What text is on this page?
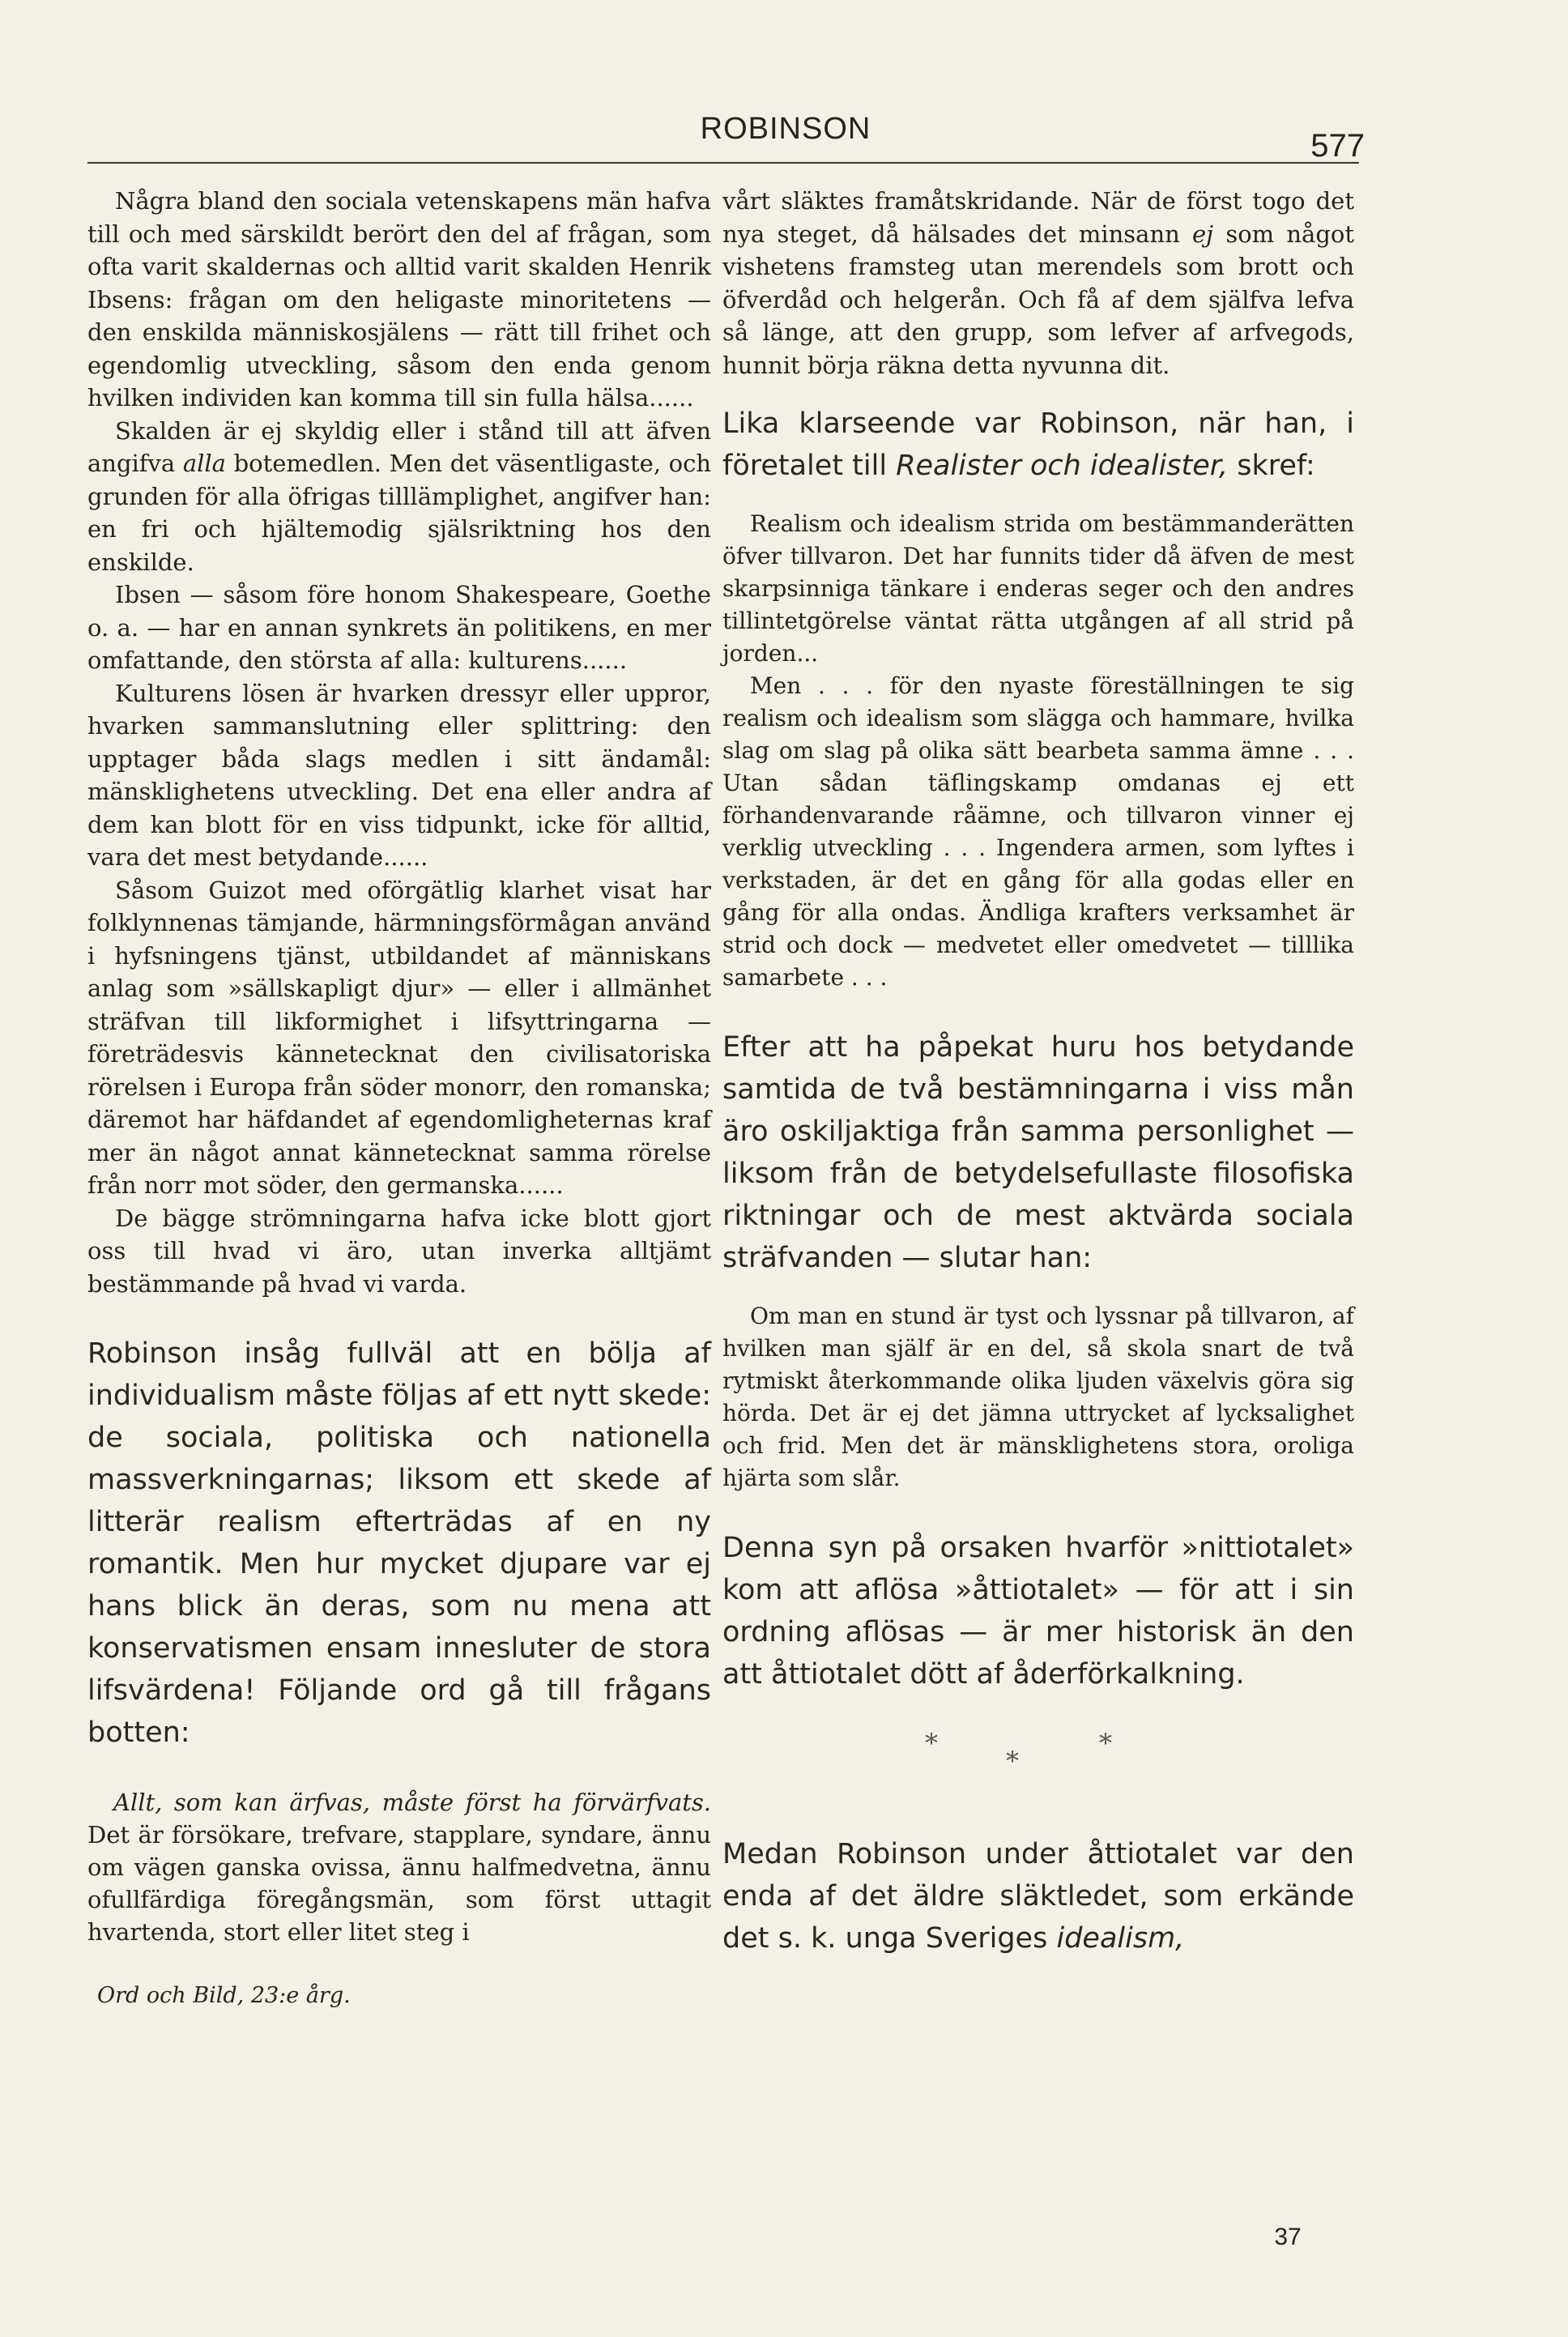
ROBINSON	577

Några bland den sociala vetenskapens män hafva till och med särskildt berört den del af frågan, som ofta varit skaldernas och alltid varit skalden Henrik Ibsens: frågan om den heligaste minoritetens — den enskilda människosjälens — rätt till frihet och egendomlig utveckling, såsom den enda genom hvilken individen kan komma till sin fulla hälsa......

Skalden är ej skyldig eller i stånd till att äfven angifva alla botemedlen. Men det väsentligaste, och grunden för alla öfrigas tilllämplighet, angifver han: en fri och hjältemodig själsriktning hos den enskilde.

Ibsen — såsom före honom Shakespeare, Goethe o. a. — har en annan synkrets än politikens, en mer omfattande, den största af alla: kulturens......

Kulturens lösen är hvarken dressyr eller uppror, hvarken sammanslutning eller splittring: den upptager båda slags medlen i sitt ändamål: mänsklighetens utveckling. Det ena eller andra af dem kan blott för en viss tidpunkt, icke för alltid, vara det mest betydande......

Såsom Guizot med oförgätlig klarhet visat har folklynnenas tämjande, härmningsförmågan använd i hyfsningens tjänst, utbildandet af människans anlag som »sällskapligt djur» — eller i allmänhet sträfvan till likformighet i lifsyttringarna — företrädesvis kännetecknat den civilisatoriska rörelsen i Europa från söder monorr, den romanska; däremot har häfdandet af egendomligheternas kraf mer än något annat kännetecknat samma rörelse från norr mot söder, den germanska......

De bägge strömningarna hafva icke blott gjort oss till hvad vi äro, utan inverka alltjämt bestämmande på hvad vi varda.

Robinson insåg fullväl att en bölja af individualism måste följas af ett nytt skede: de sociala, politiska och nationella massverkningarnas; liksom ett skede af litterär realism efterträdas af en ny romantik. Men hur mycket djupare var ej hans blick än deras, som nu mena att konservatismen ensam innesluter de stora lifsvärdena! Följande ord gå till frågans botten:

Allt, som kan ärfvas, måste först ha förvärfvats. Det är försökare, trefvare, stapplare, syndare, ännu om vägen ganska ovissa, ännu halfmedvetna, ännu ofullfärdiga föregångsmän, som först uttagit hvartenda, stort eller litet steg i

Ord och Bild, 23:e årg.

vårt släktes framåtskridande. När de först togo det nya steget, då hälsades det minsann ej som något vishetens framsteg utan merendels som brott och öfverdåd och helgerån. Och få af dem själfva lefva så länge, att den grupp, som lefver af arfvegods, hunnit börja räkna detta nyvunna dit.

Lika klarseende var Robinson, när han, i företalet till Realister och idealister, skref:

Realism och idealism strida om bestämmanderätten öfver tillvaron. Det har funnits tider då äfven de mest skarpsinniga tänkare i enderas seger och den andres tillintetgörelse väntat rätta utgången af all strid på jorden...

Men . . . för den nyaste föreställningen te sig realism och idealism som slägga och hammare, hvilka slag om slag på olika sätt bearbeta samma ämne . . . Utan sådan täflingskamp omdanas ej ett förhandenvarande råämne, och tillvaron vinner ej verklig utveckling . . . Ingendera armen, som lyftes i verkstaden, är det en gång för alla godas eller en gång för alla ondas. Ändliga krafters verksamhet är strid och dock — medvetet eller omedvetet — tilllika samarbete . . .

Efter att ha påpekat huru hos betydande samtida de två bestämningarna i viss mån äro oskiljaktiga från samma personlighet — liksom från de betydelsefullaste filosofiska riktningar och de mest aktvärda sociala sträfvanden — slutar han:

Om man en stund är tyst och lyssnar på tillvaron, af hvilken man själf är en del, så skola snart de två rytmiskt återkommande olika ljuden växelvis göra sig hörda. Det är ej det jämna uttrycket af lycksalighet och frid. Men det är mänsklighetens stora, oroliga hjärta som slår.

Denna syn på orsaken hvarför »nittiotalet» kom att aflösa »åttiotalet» — för att i sin ordning aflösas — är mer historisk än den att åttiotalet dött af åderförkalkning.

*
*
*

Medan Robinson under åttiotalet var den enda af det äldre släktledet, som erkände det s. k. unga Sveriges idealism,

37
